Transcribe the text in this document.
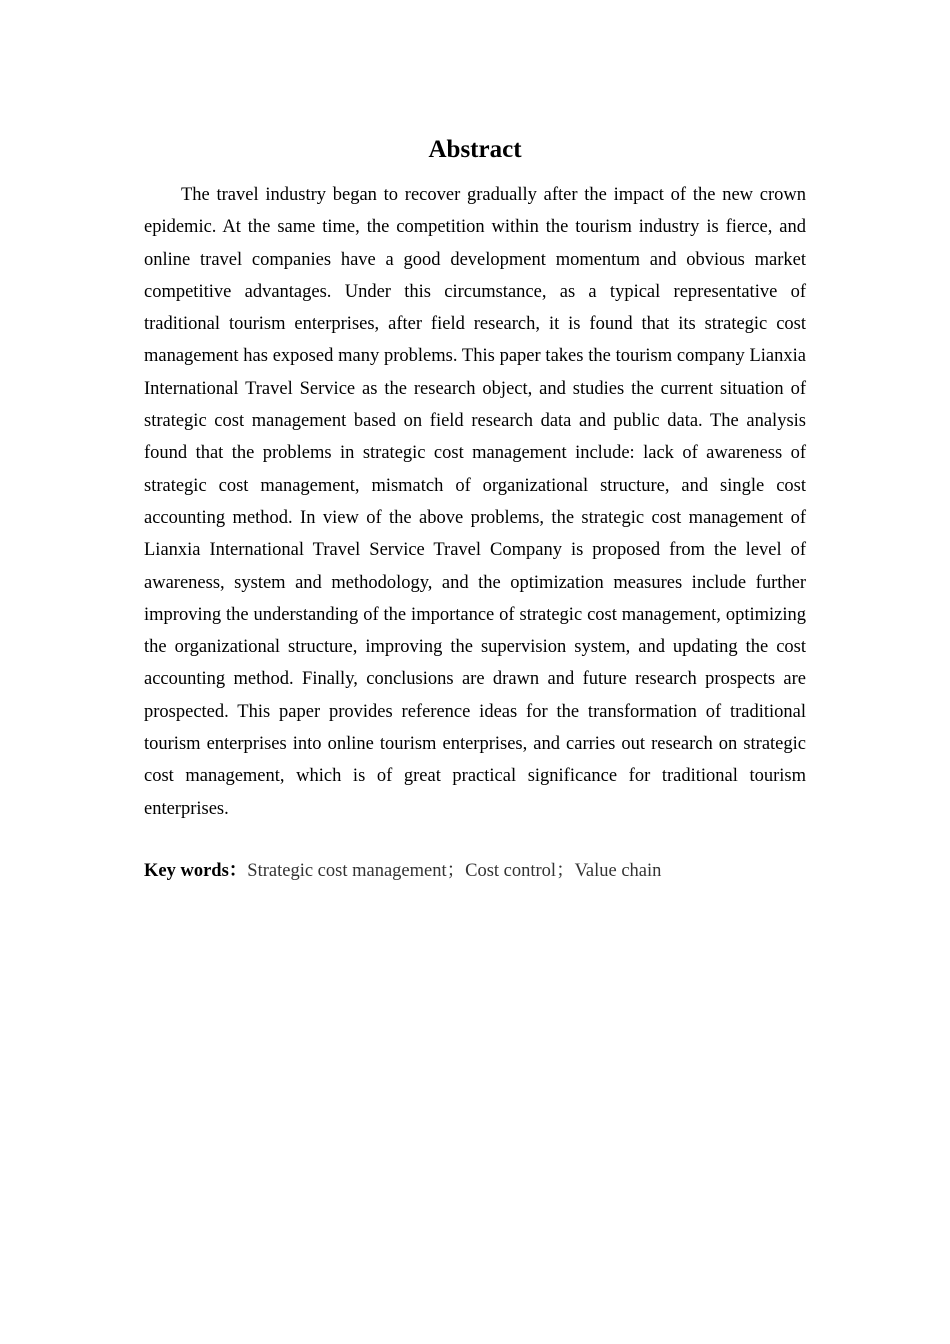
Abstract

The travel industry began to recover gradually after the impact of the new crown epidemic. At the same time, the competition within the tourism industry is fierce, and online travel companies have a good development momentum and obvious market competitive advantages. Under this circumstance, as a typical representative of traditional tourism enterprises, after field research, it is found that its strategic cost management has exposed many problems. This paper takes the tourism company Lianxia International Travel Service as the research object, and studies the current situation of strategic cost management based on field research data and public data. The analysis found that the problems in strategic cost management include: lack of awareness of strategic cost management, mismatch of organizational structure, and single cost accounting method. In view of the above problems, the strategic cost management of Lianxia International Travel Service Travel Company is proposed from the level of awareness, system and methodology, and the optimization measures include further improving the understanding of the importance of strategic cost management, optimizing the organizational structure, improving the supervision system, and updating the cost accounting method. Finally, conclusions are drawn and future research prospects are prospected. This paper provides reference ideas for the transformation of traditional tourism enterprises into online tourism enterprises, and carries out research on strategic cost management, which is of great practical significance for traditional tourism enterprises.

Key words：Strategic cost management；Cost control；Value chain
